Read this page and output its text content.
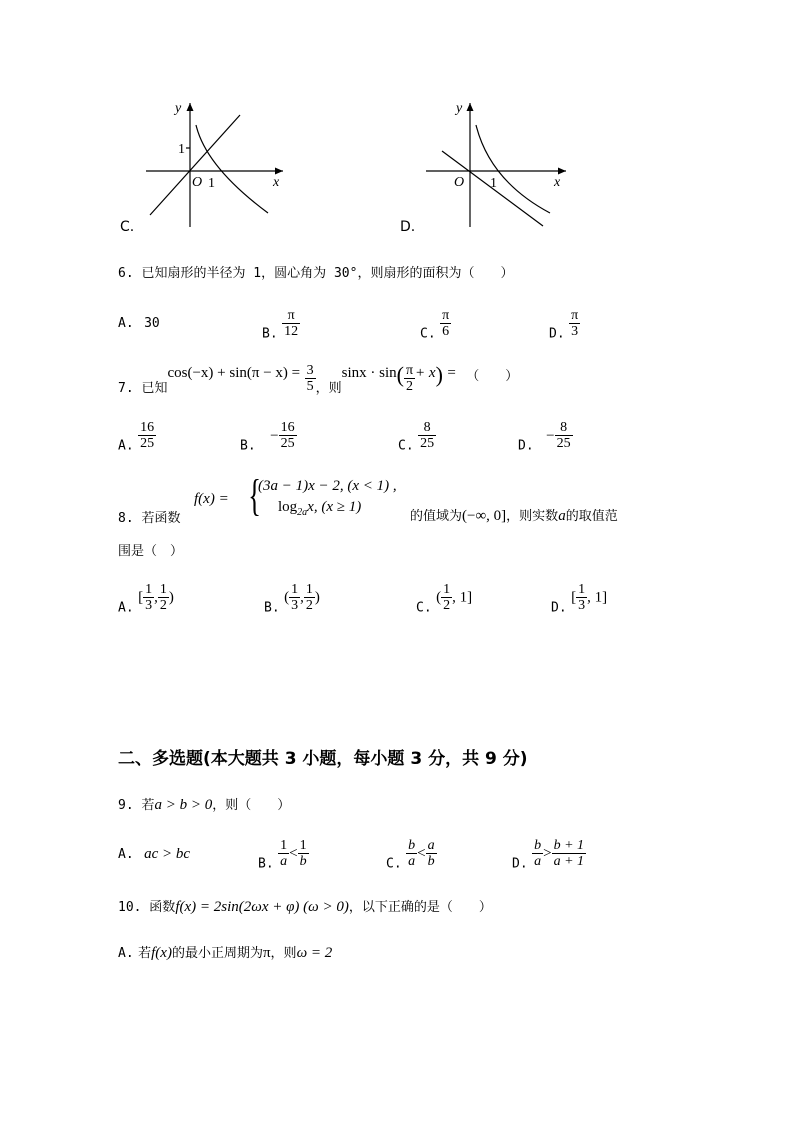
y
x
O 1
1
C.
y
x
O 1
D.
6. 已知扇形的半径为 1，圆心角为 30°，则扇形的面积为（　　）
A. 30
B. $\frac{\pi}{12}$	C. $\frac{\pi}{6}$	D. $\frac{\pi}{3}$
7. 已知$\cos(-x) + \sin(\pi - x) = \frac{3}{5}$ ，则$\sin x \cdot \sin( \frac{\pi}{2} + x)$ = （　　）
A. $\frac{16}{25}$	B. − $\frac{16}{25}$	C. $\frac{8}{25}$	D. − $\frac{8}{25}$
8. 若函数
f(x) = {
(3a − 1)x − 2, (x < 1) ,
$\log_{2a}x$, (x ≥ 1)
的值域为(−∞, 0]，则实数a的取值范
围是（　）
A. [ $\frac{1}{3}$ , $\frac{1}{2}$ )
B. ( $\frac{1}{3}$ , $\frac{1}{2}$ )
C. ( $\frac{1}{2}$ , 1]
D. [ $\frac{1}{3}$ , 1]
二、多选题(本大题共 3 小题，每小题 3 分，共 9 分)
9. 若a > b > 0，则（　　）
A. ac > bc
B. $\frac{1}{a} < \frac{1}{b}$	C. $\frac{b}{a} < \frac{a}{b}$	D. $\frac{b}{a} > \frac{b + 1}{a + 1}$
10. 函数f(x) = 2sin(2ωx + φ) (ω > 0)，以下正确的是（　　）
A. 若f(x)的最小正周期为π，则ω = 2
